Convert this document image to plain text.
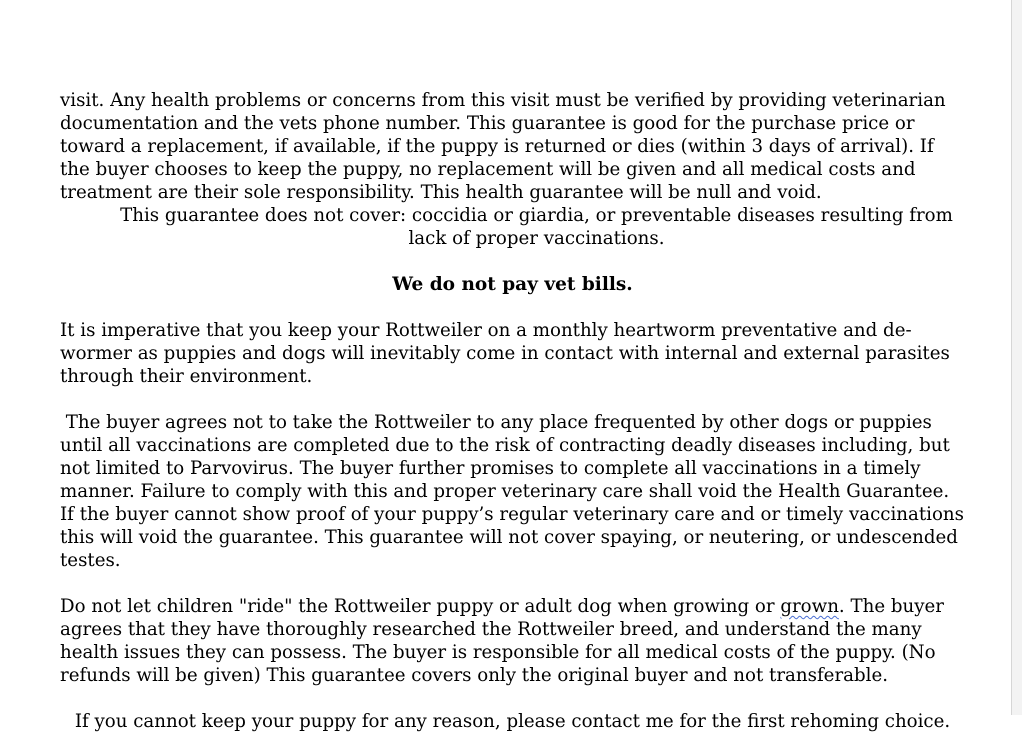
visit. Any health problems or concerns from this visit must be verified by providing veterinarian documentation and the vets phone number. This guarantee is good for the purchase price or toward a replacement, if available, if the puppy is returned or dies (within 3 days of arrival). If the buyer chooses to keep the puppy, no replacement will be given and all medical costs and treatment are their sole responsibility. This health guarantee will be null and void.

This guarantee does not cover: coccidia or giardia, or preventable diseases resulting from lack of proper vaccinations.

We do not pay vet bills.

It is imperative that you keep your Rottweiler on a monthly heartworm preventative and de-wormer as puppies and dogs will inevitably come in contact with internal and external parasites through their environment.

The buyer agrees not to take the Rottweiler to any place frequented by other dogs or puppies until all vaccinations are completed due to the risk of contracting deadly diseases including, but not limited to Parvovirus. The buyer further promises to complete all vaccinations in a timely manner. Failure to comply with this and proper veterinary care shall void the Health Guarantee. If the buyer cannot show proof of your puppy’s regular veterinary care and or timely vaccinations this will void the guarantee. This guarantee will not cover spaying, or neutering, or undescended testes.

Do not let children "ride" the Rottweiler puppy or adult dog when growing or grown. The buyer agrees that they have thoroughly researched the Rottweiler breed, and understand the many health issues they can possess. The buyer is responsible for all medical costs of the puppy. (No refunds will be given) This guarantee covers only the original buyer and not transferable.

If you cannot keep your puppy for any reason, please contact me for the first rehoming choice.
